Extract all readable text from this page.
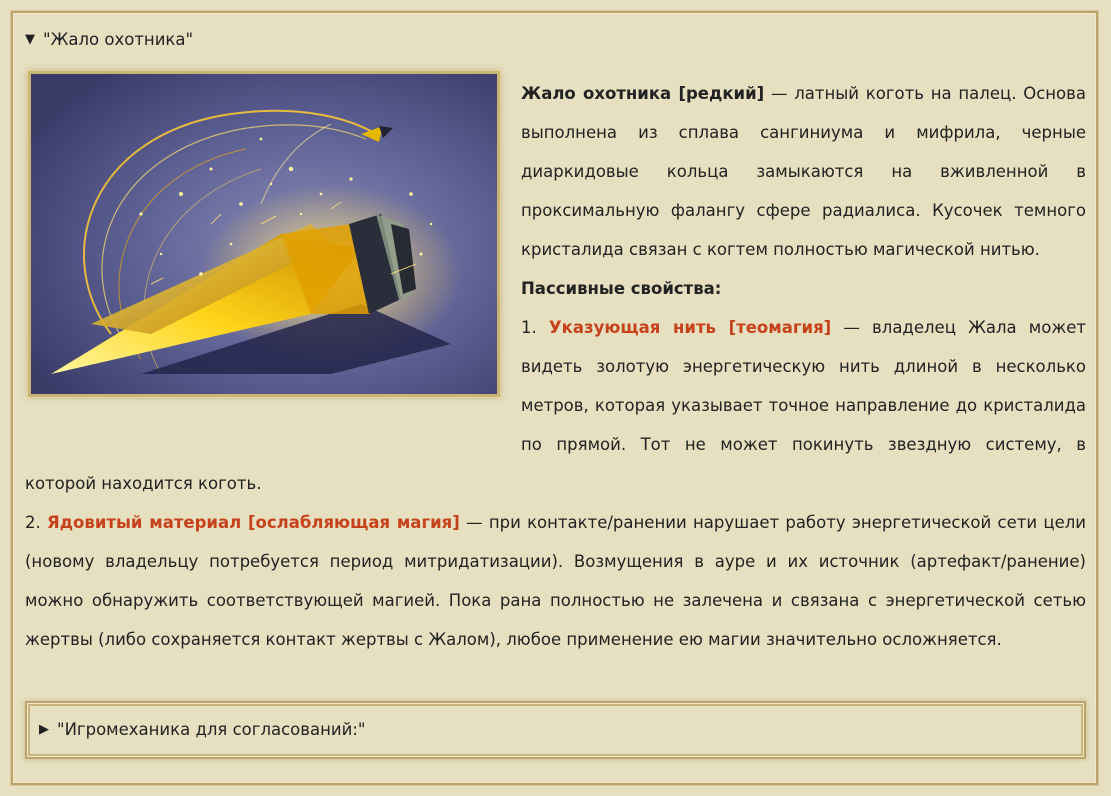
▼ "Жало охотника"

Жало охотника [редкий] — латный коготь на палец. Основа выполнена из сплава сангиниума и мифрила, черные диаркидовые кольца замыкаются на вживленной в проксимальную фалангу сфере радиалиса. Кусочек темного кристалида связан с когтем полностью магической нитью.

Пассивные свойства:

1. Указующая нить [теомагия] — владелец Жала может видеть золотую энергетическую нить длиной в несколько метров, которая указывает точное направление до кристалида по прямой. Тот не может покинуть звездную систему, в которой находится коготь.

2. Ядовитый материал [ослабляющая магия] — при контакте/ранении нарушает работу энергетической сети цели (новому владельцу потребуется период митридатизации). Возмущения в ауре и их источник (артефакт/ранение) можно обнаружить соответствующей магией. Пока рана полностью не залечена и связана с энергетической сетью жертвы (либо сохраняется контакт жертвы с Жалом), любое применение ею магии значительно осложняется.

▶ "Игромеханика для согласований:"
